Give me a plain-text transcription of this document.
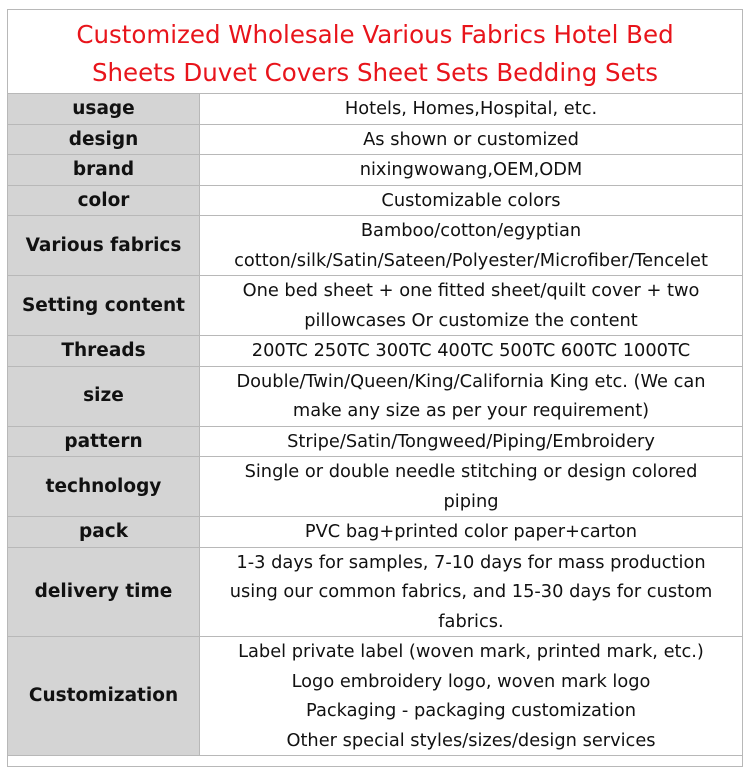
Customized Wholesale Various Fabrics Hotel Bed
Sheets Duvet Covers Sheet Sets Bedding Sets
usage	Hotels, Homes,Hospital, etc.

design	As shown or customized

brand	nixingwowang,OEM,ODM

color	Customizable colors

Various fabrics	Bamboo/cotton/egyptian
cotton/silk/Satin/Sateen/Polyester/Microfiber/Tencelet

Setting content	One bed sheet + one fitted sheet/quilt cover + two
pillowcases Or customize the content

Threads	200TC 250TC 300TC 400TC 500TC 600TC 1000TC

size	Double/Twin/Queen/King/California King etc. (We can
make any size as per your requirement)

pattern	Stripe/Satin/Tongweed/Piping/Embroidery

technology	Single or double needle stitching or design colored
piping

pack	PVC bag+printed color paper+carton

delivery time	1-3 days for samples, 7-10 days for mass production
using our common fabrics, and 15-30 days for custom
fabrics.

Customization	Label private label (woven mark, printed mark, etc.)
Logo embroidery logo, woven mark logo
Packaging - packaging customization
Other special styles/sizes/design services
